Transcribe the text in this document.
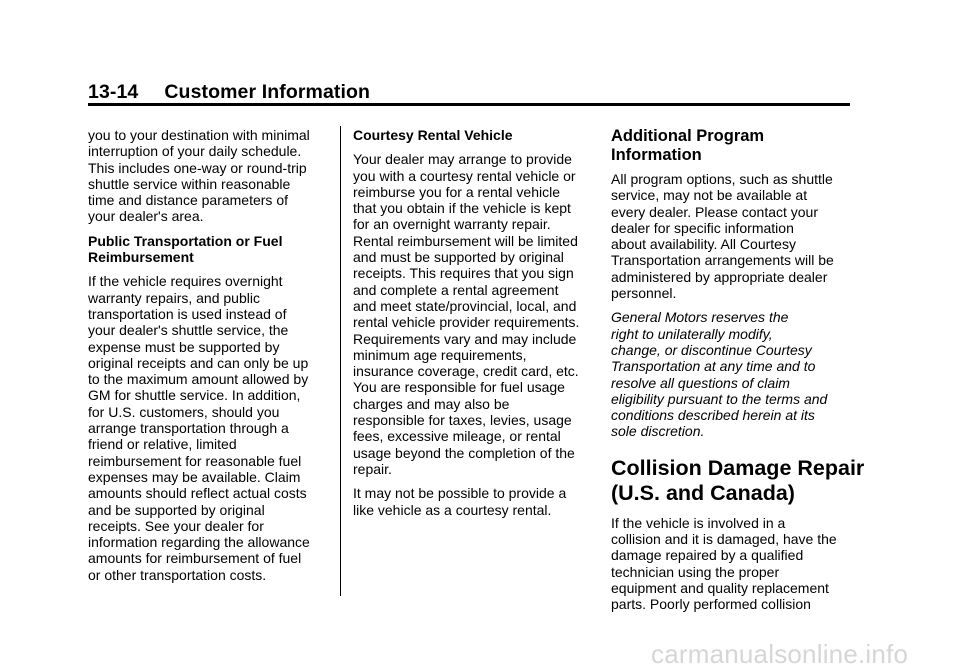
13-14 Customer Information
you to your destination with minimal
interruption of your daily schedule.
This includes one-way or round-trip
shuttle service within reasonable
time and distance parameters of
your dealer's area.
Public Transportation or Fuel
Reimbursement
If the vehicle requires overnight
warranty repairs, and public
transportation is used instead of
your dealer's shuttle service, the
expense must be supported by
original receipts and can only be up
to the maximum amount allowed by
GM for shuttle service. In addition,
for U.S. customers, should you
arrange transportation through a
friend or relative, limited
reimbursement for reasonable fuel
expenses may be available. Claim
amounts should reflect actual costs
and be supported by original
receipts. See your dealer for
information regarding the allowance
amounts for reimbursement of fuel
or other transportation costs.
Courtesy Rental Vehicle
Your dealer may arrange to provide
you with a courtesy rental vehicle or
reimburse you for a rental vehicle
that you obtain if the vehicle is kept
for an overnight warranty repair.
Rental reimbursement will be limited
and must be supported by original
receipts. This requires that you sign
and complete a rental agreement
and meet state/provincial, local, and
rental vehicle provider requirements.
Requirements vary and may include
minimum age requirements,
insurance coverage, credit card, etc.
You are responsible for fuel usage
charges and may also be
responsible for taxes, levies, usage
fees, excessive mileage, or rental
usage beyond the completion of the
repair.
It may not be possible to provide a
like vehicle as a courtesy rental.
Additional Program
Information
All program options, such as shuttle
service, may not be available at
every dealer. Please contact your
dealer for specific information
about availability. All Courtesy
Transportation arrangements will be
administered by appropriate dealer
personnel.
General Motors reserves the
right to unilaterally modify,
change, or discontinue Courtesy
Transportation at any time and to
resolve all questions of claim
eligibility pursuant to the terms and
conditions described herein at its
sole discretion.
Collision Damage Repair
(U.S. and Canada)
If the vehicle is involved in a
collision and it is damaged, have the
damage repaired by a qualified
technician using the proper
equipment and quality replacement
parts. Poorly performed collision
carmanualsonline.info
